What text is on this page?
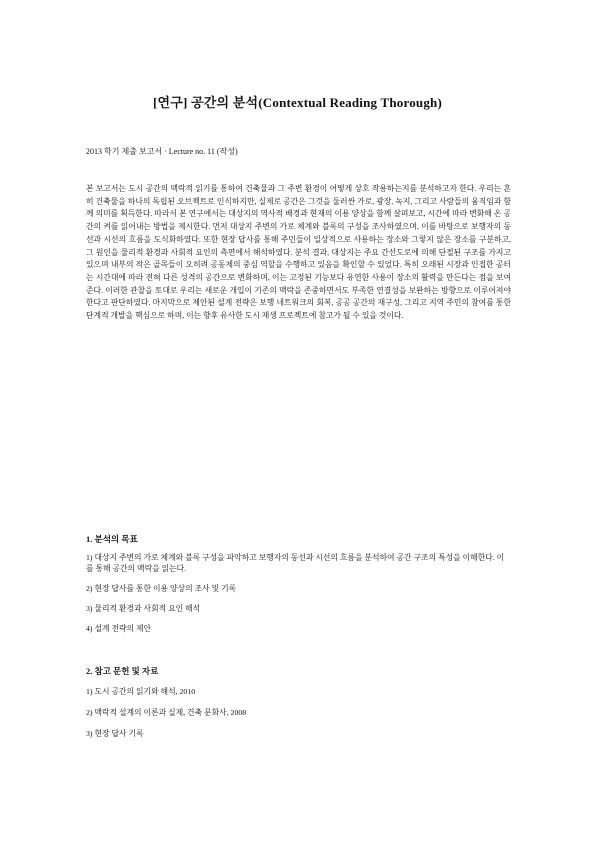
[연구] 공간의 분석(Contextual Reading Thorough)
2013 학기 제출 보고서 · Lecture no. 11 (작성)

본 보고서는 도시 공간의 맥락적 읽기를 통하여 건축물과 그 주변 환경이 어떻게 상호 작용하는지를 분석하고자 한다. 우리는 흔히 건축물을 하나의 독립된 오브젝트로 인식하지만, 실제로 공간은 그것을 둘러싼 가로, 광장, 녹지, 그리고 사람들의 움직임과 함께 의미를 획득한다. 따라서 본 연구에서는 대상지의 역사적 배경과 현재의 이용 양상을 함께 살펴보고, 시간에 따라 변화해 온 공간의 켜를 읽어내는 방법을 제시한다. 먼저 대상지 주변의 가로 체계와 블록의 구성을 조사하였으며, 이를 바탕으로 보행자의 동선과 시선의 흐름을 도식화하였다. 또한 현장 답사를 통해 주민들이 일상적으로 사용하는 장소와 그렇지 않은 장소를 구분하고, 그 원인을 물리적 환경과 사회적 요인의 측면에서 해석하였다. 분석 결과, 대상지는 주요 간선도로에 의해 단절된 구조를 가지고 있으며 내부의 작은 골목들이 오히려 공동체의 중심 역할을 수행하고 있음을 확인할 수 있었다. 특히 오래된 시장과 인접한 공터는 시간대에 따라 전혀 다른 성격의 공간으로 변화하며, 이는 고정된 기능보다 유연한 사용이 장소의 활력을 만든다는 점을 보여준다. 이러한 관찰을 토대로 우리는 새로운 개입이 기존의 맥락을 존중하면서도 부족한 연결성을 보완하는 방향으로 이루어져야 한다고 판단하였다. 마지막으로 제안된 설계 전략은 보행 네트워크의 회복, 공공 공간의 재구성, 그리고 지역 주민의 참여를 통한 단계적 개발을 핵심으로 하며, 이는 향후 유사한 도시 재생 프로젝트에 참고가 될 수 있을 것이다.

1. 분석의 목표
1) 대상지 주변의 가로 체계와 블록 구성을 파악하고 보행자의 동선과 시선의 흐름을 분석하여 공간 구조의 특성을 이해한다. 이를 통해 공간의 맥락을 읽는다.
2) 현장 답사를 통한 이용 양상의 조사 및 기록
3) 물리적 환경과 사회적 요인 해석
4) 설계 전략의 제안
2. 참고 문헌 및 자료
1) 도시 공간의 읽기와 해석, 2010
2) 맥락적 설계의 이론과 실제, 건축 문화사, 2008
3) 현장 답사 기록
